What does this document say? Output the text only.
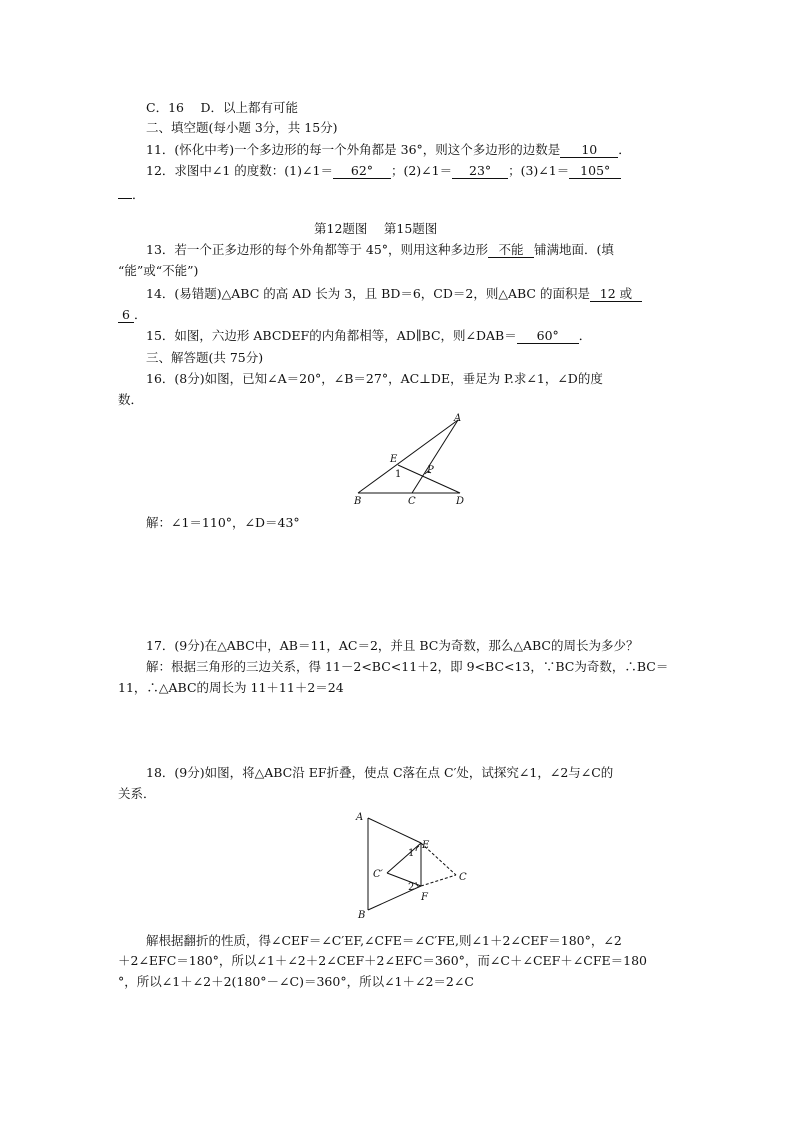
C．16　 D．以上都有可能
二、填空题(每小题 3分，共 15分)
11．(怀化中考)一个多边形的每一个外角都是 36°，则这个多边形的边数是 10 ．
12．求图中∠1 的度数：(1)∠1＝ 62° ；(2)∠1＝ 23° ；(3)∠1＝ 105°
．
第12题图　 第15题图
13．若一个正多边形的每个外角都等于 45°，则用这种多边形 不能 铺满地面．(填
“能”或“不能”)
14．(易错题)△ABC 的高 AD 长为 3，且 BD＝6，CD＝2，则△ABC 的面积是 12 或
6 ．
15．如图，六边形 ABCDEF的内角都相等，AD∥BC，则∠DAB＝ 60° ．
三、解答题(共 75分)
16．(8分)如图，已知∠A＝20°，∠B＝27°，AC⊥DE，垂足为 P.求∠1，∠D的度
数．
A
B	C	D
E
P
1
解：∠1＝110°，∠D＝43°
17．(9分)在△ABC中，AB＝11，AC＝2，并且 BC为奇数，那么△ABC的周长为多少？
解：根据三角形的三边关系，得 11－2<BC<11＋2，即 9<BC<13，∵BC为奇数，∴BC＝
11，∴△ABC的周长为 11＋11＋2＝24
18．(9分)如图，将△ABC沿 EF折叠，使点 C落在点 C′处，试探究∠1，∠2与∠C的
关系．
A
B
C
C′
E
F
1
2
解根据翻折的性质，得∠CEF＝∠C′EF,∠CFE＝∠C′FE,则∠1＋2∠CEF＝180°，∠2
＋2∠EFC＝180°，所以∠1＋∠2＋2∠CEF＋2∠EFC＝360°，而∠C＋∠CEF＋∠CFE＝180
°，所以∠1＋∠2＋2(180°－∠C)＝360°，所以∠1＋∠2＝2∠C
